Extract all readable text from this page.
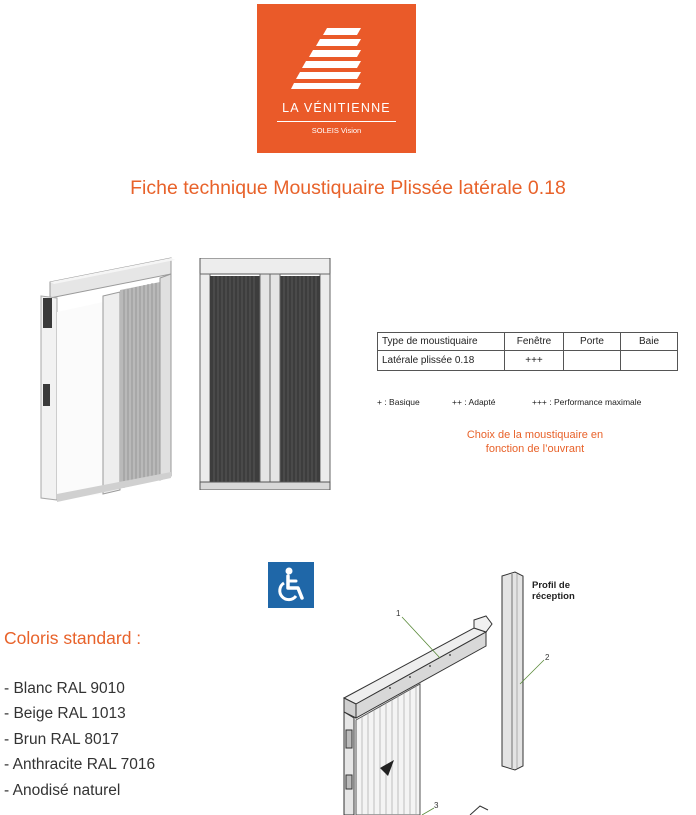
LA VÉNITIENNE
SOLEIS Vision
Fiche technique Moustiquaire Plissée latérale 0.18
Type de moustiquaire	Fenêtre	Porte	Baie
Latérale plissée 0.18	+++		
+ : Basique	++ : Adapté	+++ : Performance maximale
Choix de la moustiquaire en
fonction de l’ouvrant
Coloris standard :
- Blanc RAL 9010
- Beige RAL 1013
- Brun RAL 8017
- Anthracite RAL 7016
- Anodisé naturel
Profil de
réception
1
2
3
